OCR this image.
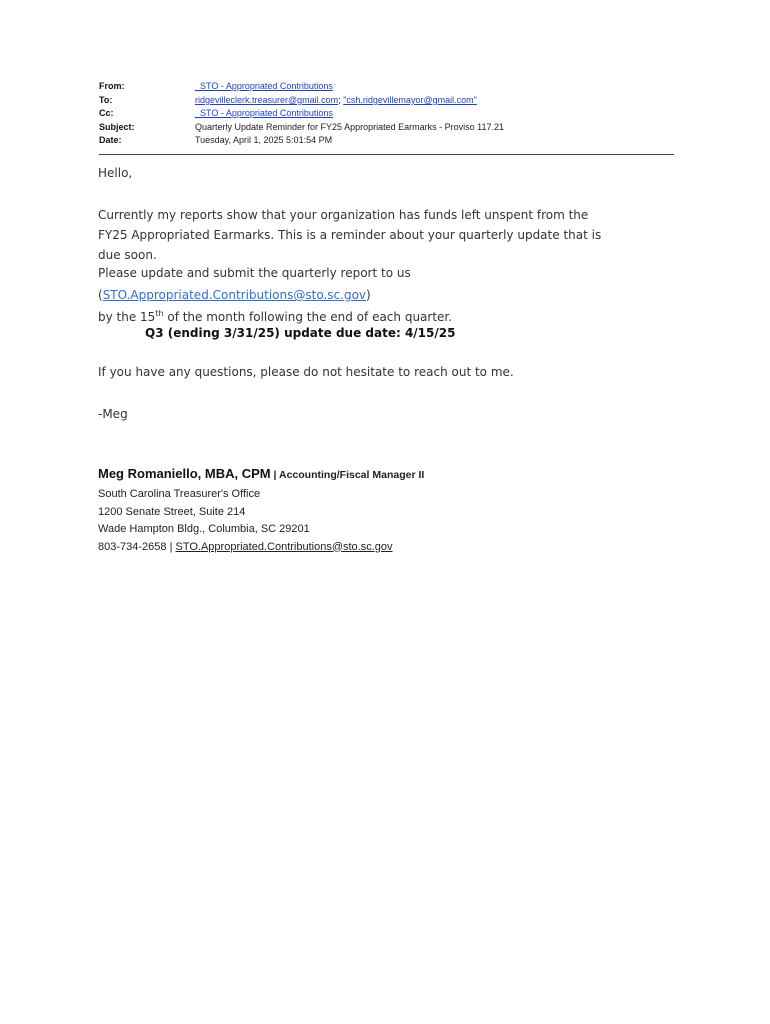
From:	_STO - Appropriated Contributions
To:	ridgevilleclerk.treasurer@gmail.com; "csh.ridgevillemayor@gmail.com"
Cc:	_STO - Appropriated Contributions
Subject:	Quarterly Update Reminder for FY25 Appropriated Earmarks - Proviso 117.21
Date:	Tuesday, April 1, 2025 5:01:54 PM

Hello,

Currently my reports show that your organization has funds left unspent from the FY25 Appropriated Earmarks. This is a reminder about your quarterly update that is due soon.

Please update and submit the quarterly report to us (STO.Appropriated.Contributions@sto.sc.gov)
by the 15th of the month following the end of each quarter.

Q3 (ending 3/31/25) update due date: 4/15/25

If you have any questions, please do not hesitate to reach out to me.

-Meg

Meg Romaniello, MBA, CPM | Accounting/Fiscal Manager II
South Carolina Treasurer's Office
1200 Senate Street, Suite 214
Wade Hampton Bldg., Columbia, SC 29201
803-734-2658 | STO.Appropriated.Contributions@sto.sc.gov
